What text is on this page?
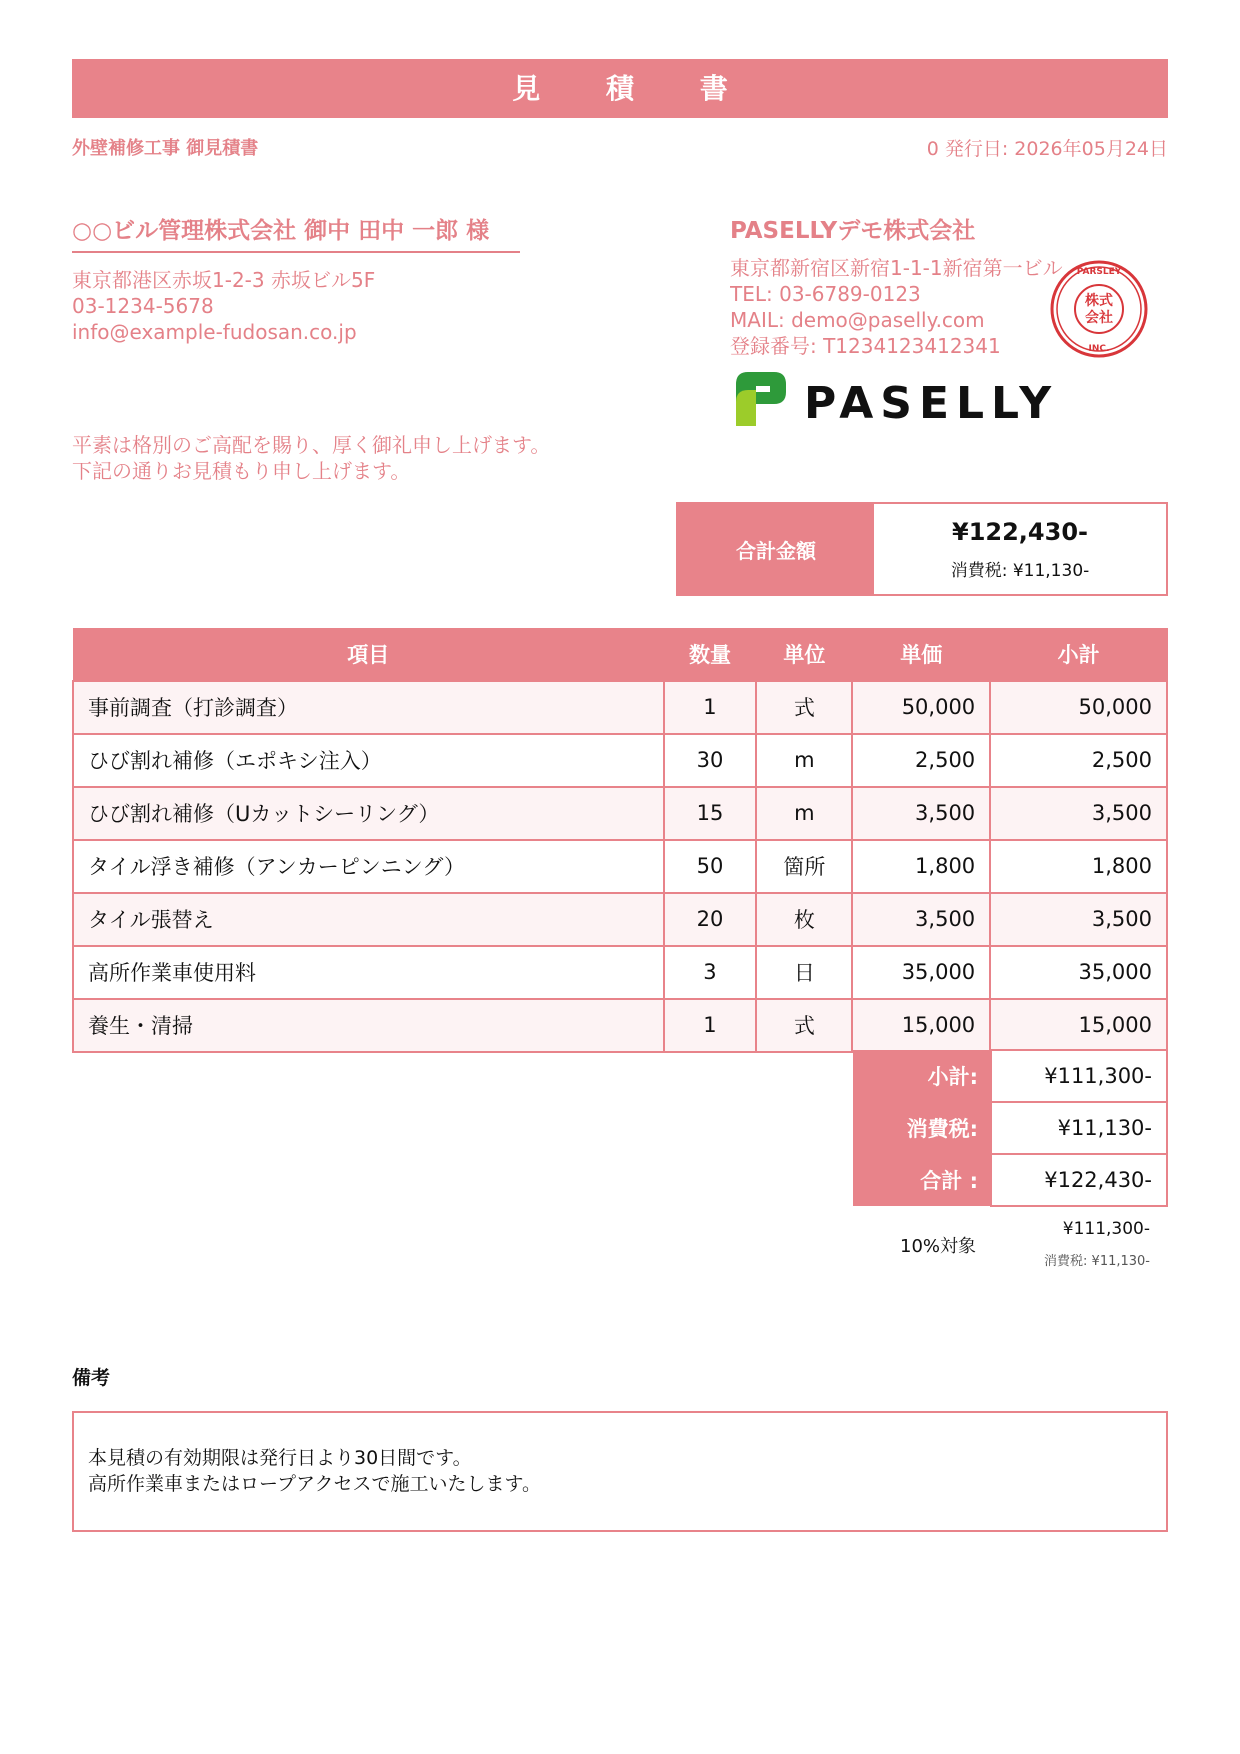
見 積 書
外壁補修工事 御見積書	0 発行日: 2026年05月24日
○○ビル管理株式会社 御中 田中 一郎 様
東京都港区赤坂1-2-3 赤坂ビル5F
03-1234-5678
info@example-fudosan.co.jp
PASELLYデモ株式会社
東京都新宿区新宿1-1-1新宿第一ビル
TEL: 03-6789-0123
MAIL: demo@paselly.com
登録番号: T1234123412341
株式
会社
PARSLEY
INC.
PASELLY
平素は格別のご高配を賜り、厚く御礼申し上げます。
下記の通りお見積もり申し上げます。
合計金額
¥122,430-
消費税: ¥11,130-
項目	数量	単位	単価	小計
事前調査（打診調査）	1	式	50,000	50,000
ひび割れ補修（エポキシ注入）	30	m	2,500	2,500
ひび割れ補修（Uカットシーリング）	15	m	3,500	3,500
タイル浮き補修（アンカーピンニング）	50	箇所	1,800	1,800
タイル張替え	20	枚	3,500	3,500
高所作業車使用料	3	日	35,000	35,000
養生・清掃	1	式	15,000	15,000
小計:	¥111,300-
消費税:	¥11,130-
合計 :	¥122,430-
10%対象
¥111,300-
消費税: ¥11,130-
備考
本見積の有効期限は発行日より30日間です。
高所作業車またはロープアクセスで施工いたします。
